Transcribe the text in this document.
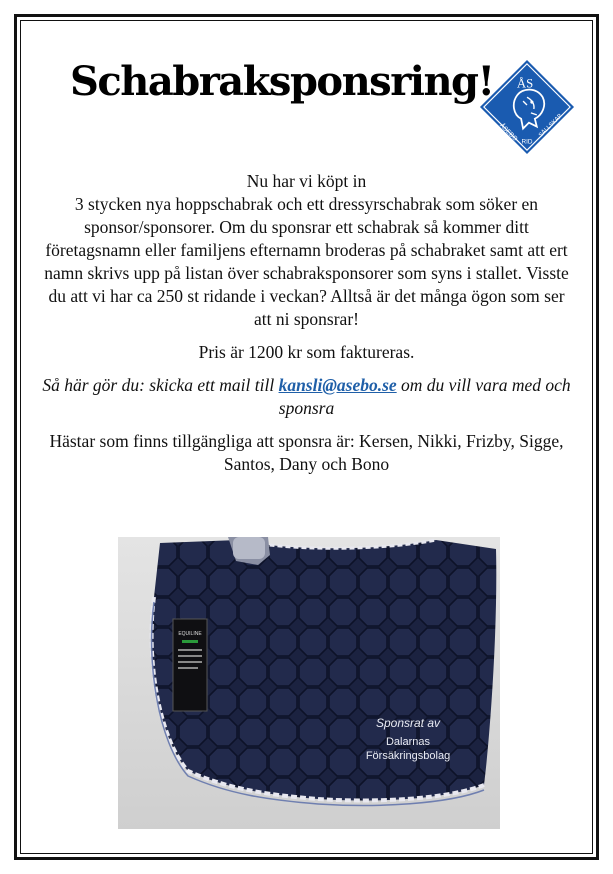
Schabraksponsring! ÅS
ÅSEBO RID
SÄLLSKAP

Nu har vi köpt in
3 stycken nya hoppschabrak och ett dressyrschabrak som söker en sponsor/sponsorer. Om du sponsrar ett schabrak så kommer ditt företagsnamn eller familjens efternamn broderas på schabraket samt att ert namn skrivs upp på listan över schabraksponsorer som syns i stallet. Visste du att vi har ca 250 st ridande i veckan? Alltså är det många ögon som ser att ni sponsrar!

Pris är 1200 kr som faktureras.

Så här gör du: skicka ett mail till kansli@asebo.se om du vill vara med och sponsra

Hästar som finns tillgängliga att sponsra är: Kersen, Nikki, Frizby, Sigge, Santos, Dany och Bono

EQUILINE
Sponsrat av
Dalarnas
Försäkringsbolag
